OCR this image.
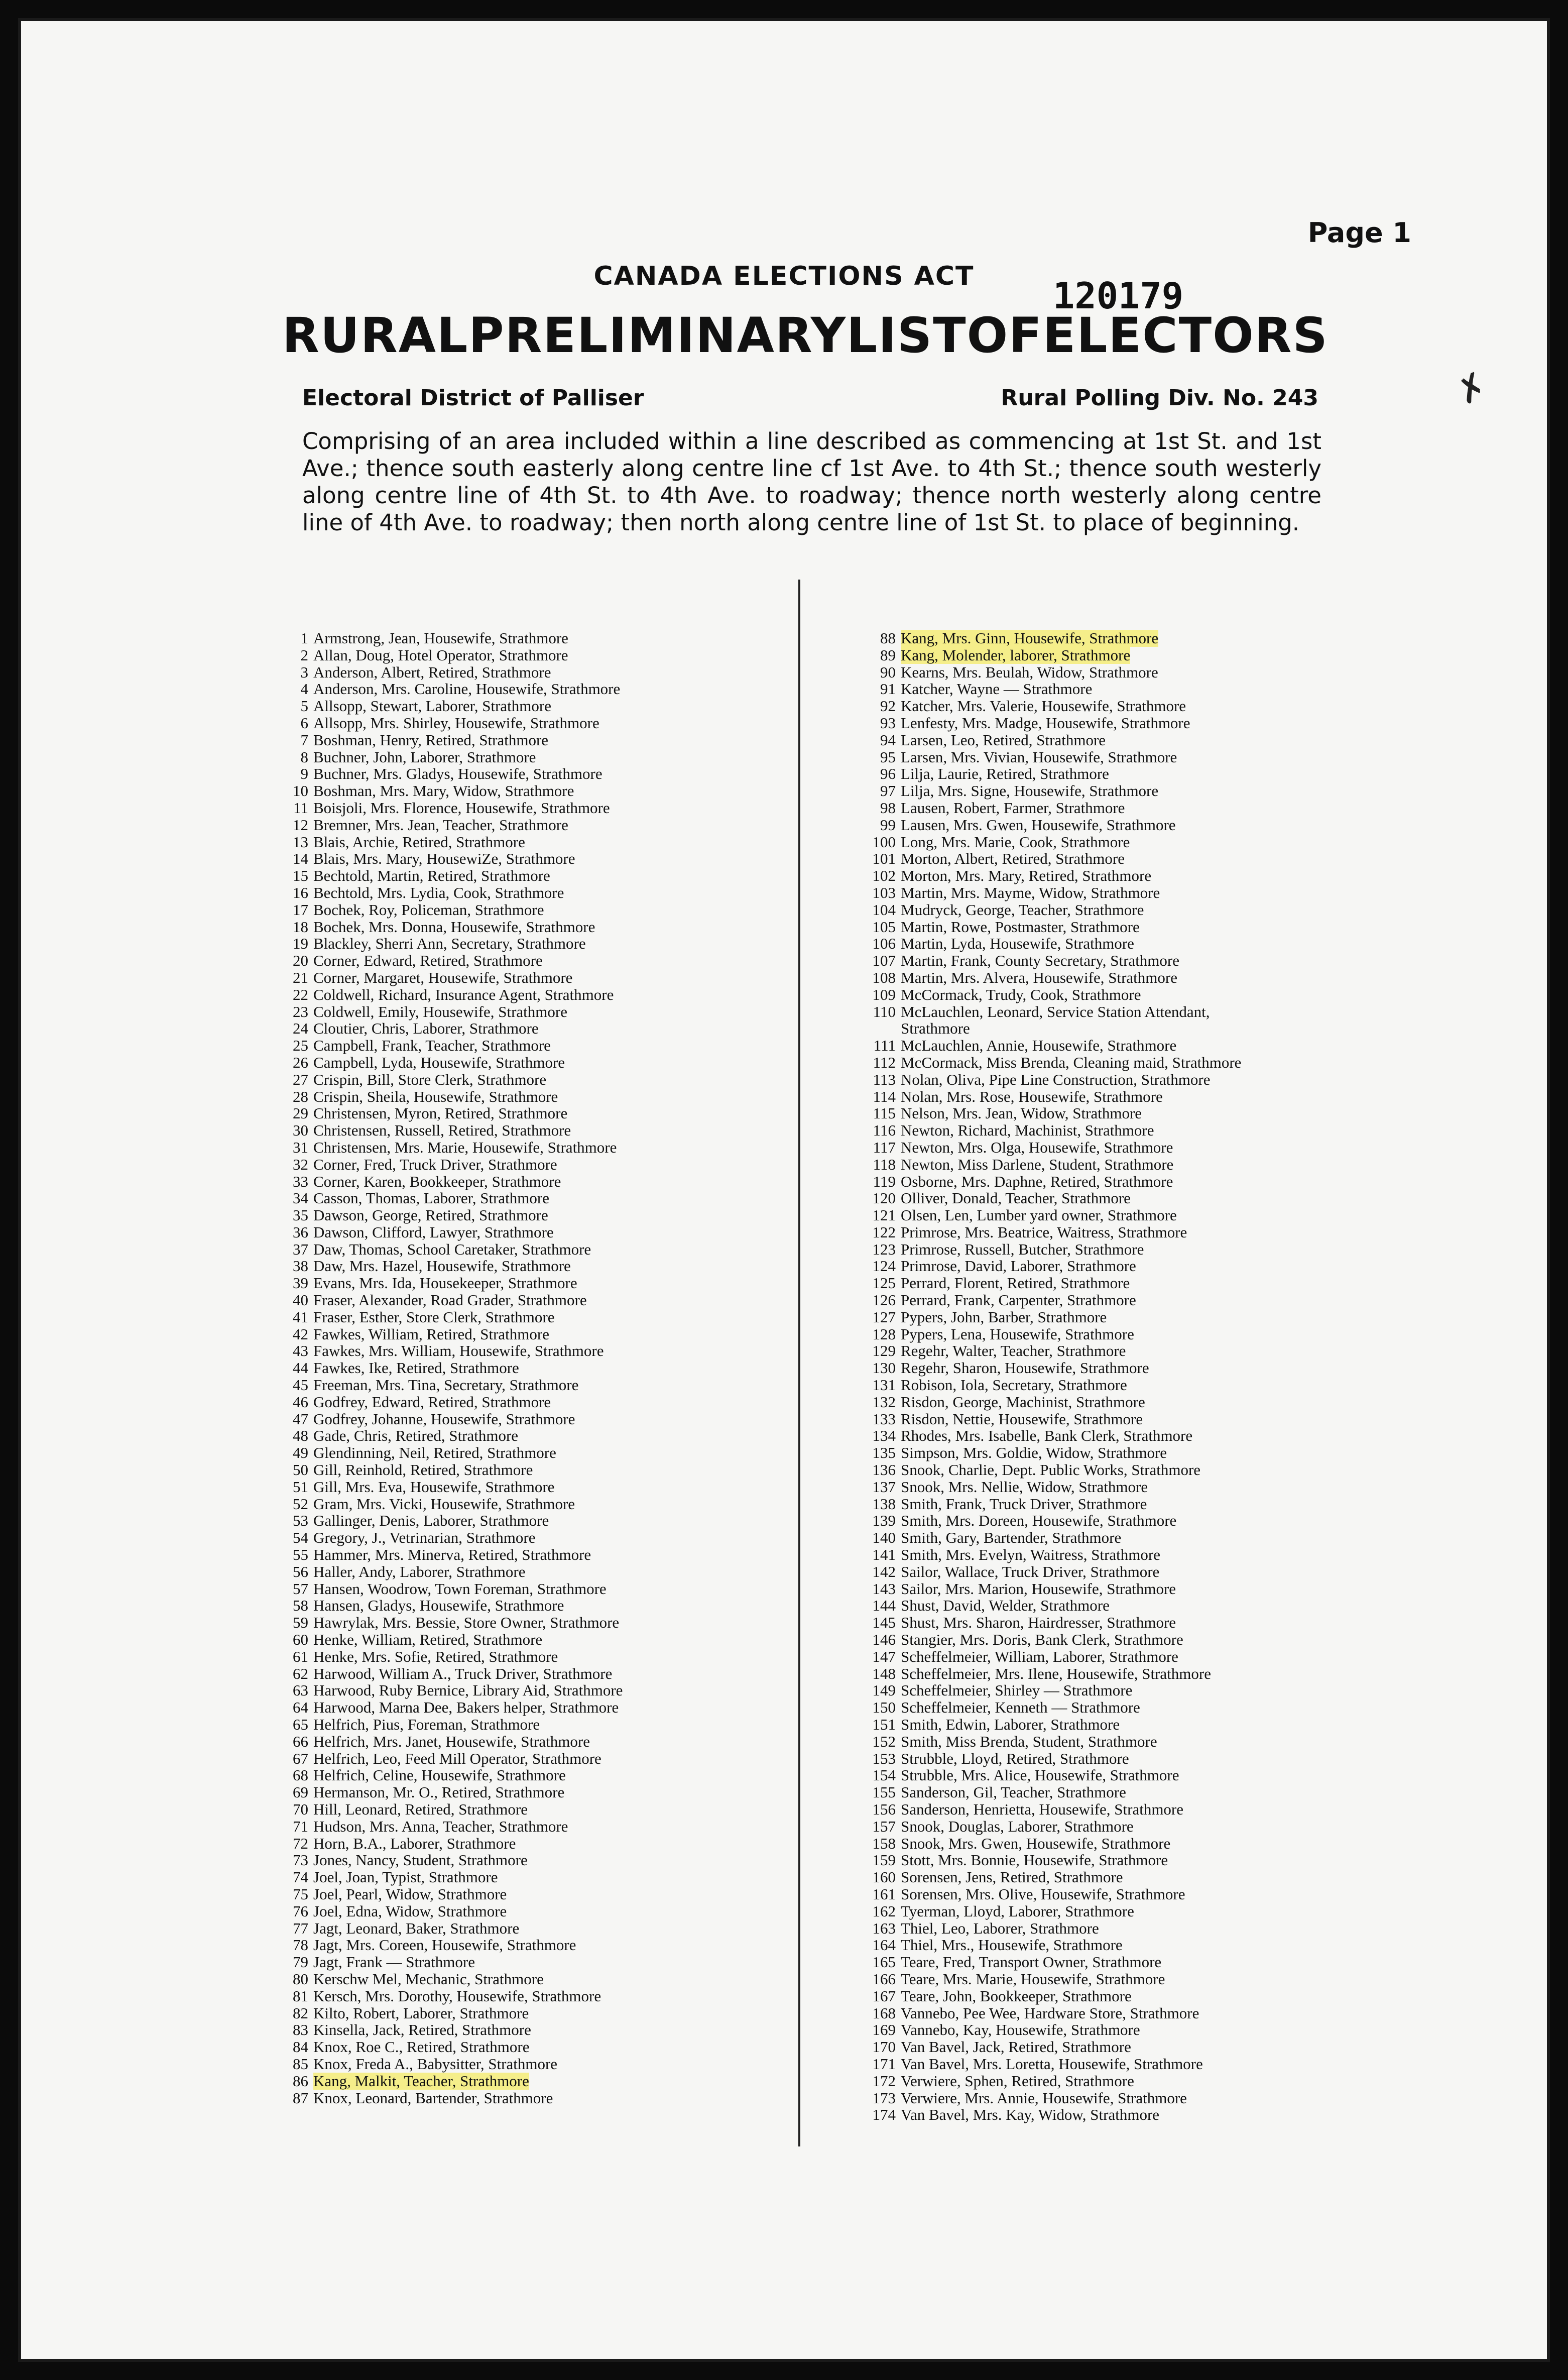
Page 1
CANADA ELECTIONS ACT	120179
RURAL PRELIMINARY LIST OF ELECTORS
Electoral District of Palliser	Rural Polling Div. No. 243
Comprising of an area included within a line described as commencing at 1st St. and 1st Ave.; thence south easterly along centre line cf 1st Ave. to 4th St.; thence south westerly along centre line of 4th St. to 4th Ave. to roadway; thence north westerly along centre line of 4th Ave. to roadway; then north along centre line of 1st St. to place of beginning.
✗
1 Armstrong, Jean, Housewife, Strathmore
2 Allan, Doug, Hotel Operator, Strathmore
3 Anderson, Albert, Retired, Strathmore
4 Anderson, Mrs. Caroline, Housewife, Strathmore
5 Allsopp, Stewart, Laborer, Strathmore
6 Allsopp, Mrs. Shirley, Housewife, Strathmore
7 Boshman, Henry, Retired, Strathmore
8 Buchner, John, Laborer, Strathmore
9 Buchner, Mrs. Gladys, Housewife, Strathmore
10 Boshman, Mrs. Mary, Widow, Strathmore
11 Boisjoli, Mrs. Florence, Housewife, Strathmore
12 Bremner, Mrs. Jean, Teacher, Strathmore
13 Blais, Archie, Retired, Strathmore
14 Blais, Mrs. Mary, HousewiZe, Strathmore
15 Bechtold, Martin, Retired, Strathmore
16 Bechtold, Mrs. Lydia, Cook, Strathmore
17 Bochek, Roy, Policeman, Strathmore
18 Bochek, Mrs. Donna, Housewife, Strathmore
19 Blackley, Sherri Ann, Secretary, Strathmore
20 Corner, Edward, Retired, Strathmore
21 Corner, Margaret, Housewife, Strathmore
22 Coldwell, Richard, Insurance Agent, Strathmore
23 Coldwell, Emily, Housewife, Strathmore
24 Cloutier, Chris, Laborer, Strathmore
25 Campbell, Frank, Teacher, Strathmore
26 Campbell, Lyda, Housewife, Strathmore
27 Crispin, Bill, Store Clerk, Strathmore
28 Crispin, Sheila, Housewife, Strathmore
29 Christensen, Myron, Retired, Strathmore
30 Christensen, Russell, Retired, Strathmore
31 Christensen, Mrs. Marie, Housewife, Strathmore
32 Corner, Fred, Truck Driver, Strathmore
33 Corner, Karen, Bookkeeper, Strathmore
34 Casson, Thomas, Laborer, Strathmore
35 Dawson, George, Retired, Strathmore
36 Dawson, Clifford, Lawyer, Strathmore
37 Daw, Thomas, School Caretaker, Strathmore
38 Daw, Mrs. Hazel, Housewife, Strathmore
39 Evans, Mrs. Ida, Housekeeper, Strathmore
40 Fraser, Alexander, Road Grader, Strathmore
41 Fraser, Esther, Store Clerk, Strathmore
42 Fawkes, William, Retired, Strathmore
43 Fawkes, Mrs. William, Housewife, Strathmore
44 Fawkes, Ike, Retired, Strathmore
45 Freeman, Mrs. Tina, Secretary, Strathmore
46 Godfrey, Edward, Retired, Strathmore
47 Godfrey, Johanne, Housewife, Strathmore
48 Gade, Chris, Retired, Strathmore
49 Glendinning, Neil, Retired, Strathmore
50 Gill, Reinhold, Retired, Strathmore
51 Gill, Mrs. Eva, Housewife, Strathmore
52 Gram, Mrs. Vicki, Housewife, Strathmore
53 Gallinger, Denis, Laborer, Strathmore
54 Gregory, J., Vetrinarian, Strathmore
55 Hammer, Mrs. Minerva, Retired, Strathmore
56 Haller, Andy, Laborer, Strathmore
57 Hansen, Woodrow, Town Foreman, Strathmore
58 Hansen, Gladys, Housewife, Strathmore
59 Hawrylak, Mrs. Bessie, Store Owner, Strathmore
60 Henke, William, Retired, Strathmore
61 Henke, Mrs. Sofie, Retired, Strathmore
62 Harwood, William A., Truck Driver, Strathmore
63 Harwood, Ruby Bernice, Library Aid, Strathmore
64 Harwood, Marna Dee, Bakers helper, Strathmore
65 Helfrich, Pius, Foreman, Strathmore
66 Helfrich, Mrs. Janet, Housewife, Strathmore
67 Helfrich, Leo, Feed Mill Operator, Strathmore
68 Helfrich, Celine, Housewife, Strathmore
69 Hermanson, Mr. O., Retired, Strathmore
70 Hill, Leonard, Retired, Strathmore
71 Hudson, Mrs. Anna, Teacher, Strathmore
72 Horn, B.A., Laborer, Strathmore
73 Jones, Nancy, Student, Strathmore
74 Joel, Joan, Typist, Strathmore
75 Joel, Pearl, Widow, Strathmore
76 Joel, Edna, Widow, Strathmore
77 Jagt, Leonard, Baker, Strathmore
78 Jagt, Mrs. Coreen, Housewife, Strathmore
79 Jagt, Frank — Strathmore
80 Kerschw Mel, Mechanic, Strathmore
81 Kersch, Mrs. Dorothy, Housewife, Strathmore
82 Kilto, Robert, Laborer, Strathmore
83 Kinsella, Jack, Retired, Strathmore
84 Knox, Roe C., Retired, Strathmore
85 Knox, Freda A., Babysitter, Strathmore
86 Kang, Malkit, Teacher, Strathmore
87 Knox, Leonard, Bartender, Strathmore
88 Kang, Mrs. Ginn, Housewife, Strathmore
89 Kang, Molender, laborer, Strathmore
90 Kearns, Mrs. Beulah, Widow, Strathmore
91 Katcher, Wayne — Strathmore
92 Katcher, Mrs. Valerie, Housewife, Strathmore
93 Lenfesty, Mrs. Madge, Housewife, Strathmore
94 Larsen, Leo, Retired, Strathmore
95 Larsen, Mrs. Vivian, Housewife, Strathmore
96 Lilja, Laurie, Retired, Strathmore
97 Lilja, Mrs. Signe, Housewife, Strathmore
98 Lausen, Robert, Farmer, Strathmore
99 Lausen, Mrs. Gwen, Housewife, Strathmore
100 Long, Mrs. Marie, Cook, Strathmore
101 Morton, Albert, Retired, Strathmore
102 Morton, Mrs. Mary, Retired, Strathmore
103 Martin, Mrs. Mayme, Widow, Strathmore
104 Mudryck, George, Teacher, Strathmore
105 Martin, Rowe, Postmaster, Strathmore
106 Martin, Lyda, Housewife, Strathmore
107 Martin, Frank, County Secretary, Strathmore
108 Martin, Mrs. Alvera, Housewife, Strathmore
109 McCormack, Trudy, Cook, Strathmore
110 McLauchlen, Leonard, Service Station Attendant,
Strathmore
111 McLauchlen, Annie, Housewife, Strathmore
112 McCormack, Miss Brenda, Cleaning maid, Strathmore
113 Nolan, Oliva, Pipe Line Construction, Strathmore
114 Nolan, Mrs. Rose, Housewife, Strathmore
115 Nelson, Mrs. Jean, Widow, Strathmore
116 Newton, Richard, Machinist, Strathmore
117 Newton, Mrs. Olga, Housewife, Strathmore
118 Newton, Miss Darlene, Student, Strathmore
119 Osborne, Mrs. Daphne, Retired, Strathmore
120 Olliver, Donald, Teacher, Strathmore
121 Olsen, Len, Lumber yard owner, Strathmore
122 Primrose, Mrs. Beatrice, Waitress, Strathmore
123 Primrose, Russell, Butcher, Strathmore
124 Primrose, David, Laborer, Strathmore
125 Perrard, Florent, Retired, Strathmore
126 Perrard, Frank, Carpenter, Strathmore
127 Pypers, John, Barber, Strathmore
128 Pypers, Lena, Housewife, Strathmore
129 Regehr, Walter, Teacher, Strathmore
130 Regehr, Sharon, Housewife, Strathmore
131 Robison, Iola, Secretary, Strathmore
132 Risdon, George, Machinist, Strathmore
133 Risdon, Nettie, Housewife, Strathmore
134 Rhodes, Mrs. Isabelle, Bank Clerk, Strathmore
135 Simpson, Mrs. Goldie, Widow, Strathmore
136 Snook, Charlie, Dept. Public Works, Strathmore
137 Snook, Mrs. Nellie, Widow, Strathmore
138 Smith, Frank, Truck Driver, Strathmore
139 Smith, Mrs. Doreen, Housewife, Strathmore
140 Smith, Gary, Bartender, Strathmore
141 Smith, Mrs. Evelyn, Waitress, Strathmore
142 Sailor, Wallace, Truck Driver, Strathmore
143 Sailor, Mrs. Marion, Housewife, Strathmore
144 Shust, David, Welder, Strathmore
145 Shust, Mrs. Sharon, Hairdresser, Strathmore
146 Stangier, Mrs. Doris, Bank Clerk, Strathmore
147 Scheffelmeier, William, Laborer, Strathmore
148 Scheffelmeier, Mrs. Ilene, Housewife, Strathmore
149 Scheffelmeier, Shirley — Strathmore
150 Scheffelmeier, Kenneth — Strathmore
151 Smith, Edwin, Laborer, Strathmore
152 Smith, Miss Brenda, Student, Strathmore
153 Strubble, Lloyd, Retired, Strathmore
154 Strubble, Mrs. Alice, Housewife, Strathmore
155 Sanderson, Gil, Teacher, Strathmore
156 Sanderson, Henrietta, Housewife, Strathmore
157 Snook, Douglas, Laborer, Strathmore
158 Snook, Mrs. Gwen, Housewife, Strathmore
159 Stott, Mrs. Bonnie, Housewife, Strathmore
160 Sorensen, Jens, Retired, Strathmore
161 Sorensen, Mrs. Olive, Housewife, Strathmore
162 Tyerman, Lloyd, Laborer, Strathmore
163 Thiel, Leo, Laborer, Strathmore
164 Thiel, Mrs., Housewife, Strathmore
165 Teare, Fred, Transport Owner, Strathmore
166 Teare, Mrs. Marie, Housewife, Strathmore
167 Teare, John, Bookkeeper, Strathmore
168 Vannebo, Pee Wee, Hardware Store, Strathmore
169 Vannebo, Kay, Housewife, Strathmore
170 Van Bavel, Jack, Retired, Strathmore
171 Van Bavel, Mrs. Loretta, Housewife, Strathmore
172 Verwiere, Sphen, Retired, Strathmore
173 Verwiere, Mrs. Annie, Housewife, Strathmore
174 Van Bavel, Mrs. Kay, Widow, Strathmore
